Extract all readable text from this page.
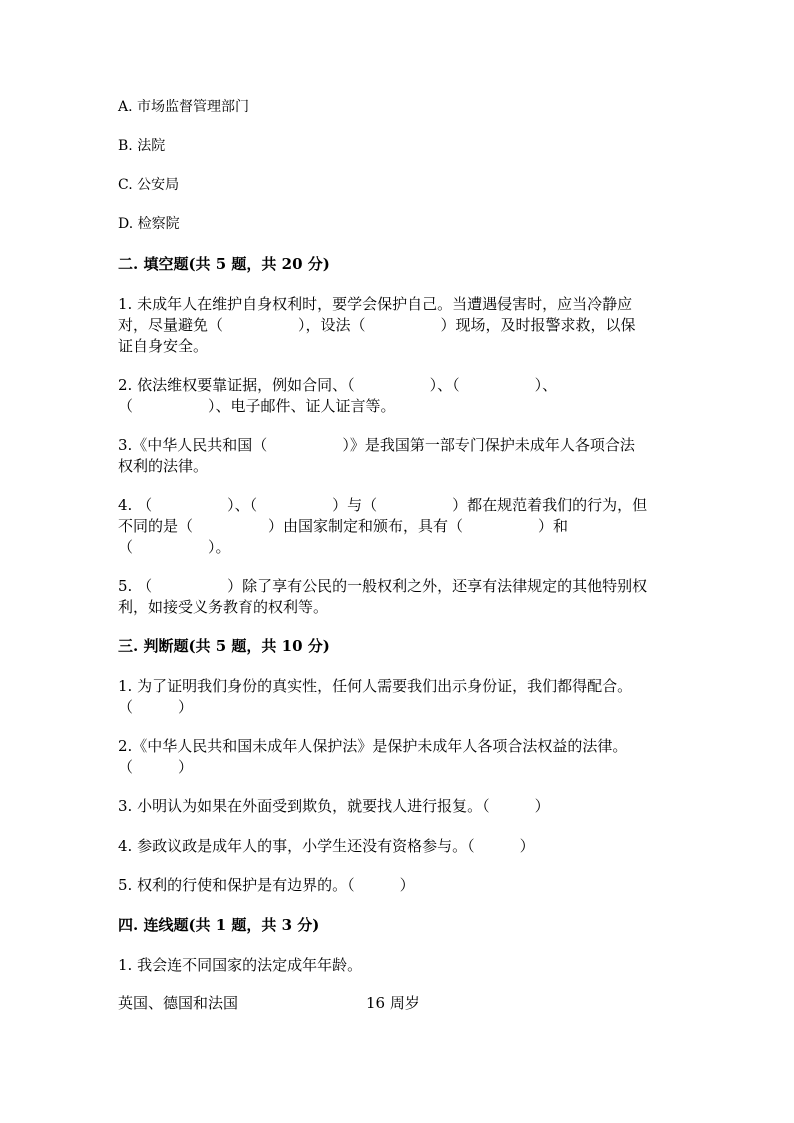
A. 市场监督管理部门
B. 法院
C. 公安局
D. 检察院
二. 填空题(共 5 题，共 20 分)
1. 未成年人在维护自身权利时，要学会保护自己。当遭遇侵害时，应当冷静应
对，尽量避免（　　　　　），设法（　　　　　）现场，及时报警求救，以保
证自身安全。
2. 依法维权要靠证据，例如合同、（　　　　　）、（　　　　　）、
（　　　　　）、电子邮件、证人证言等。
3.《中华人民共和国（　　　　　）》是我国第一部专门保护未成年人各项合法
权利的法律。
4. （　　　　　）、（　　　　　）与（　　　　　）都在规范着我们的行为，但
不同的是（　　　　　）由国家制定和颁布，具有（　　　　　）和
（　　　　　）。
5. （　　　　　）除了享有公民的一般权利之外，还享有法律规定的其他特别权
利，如接受义务教育的权利等。
三. 判断题(共 5 题，共 10 分)
1. 为了证明我们身份的真实性，任何人需要我们出示身份证，我们都得配合。
（　　　）
2.《中华人民共和国未成年人保护法》是保护未成年人各项合法权益的法律。
（　　　）
3. 小明认为如果在外面受到欺负，就要找人进行报复。（　　　）
4. 参政议政是成年人的事，小学生还没有资格参与。（　　　）
5. 权利的行使和保护是有边界的。（　　　）
四. 连线题(共 1 题，共 3 分)
1. 我会连不同国家的法定成年年龄。
英国、德国和法国	16 周岁
